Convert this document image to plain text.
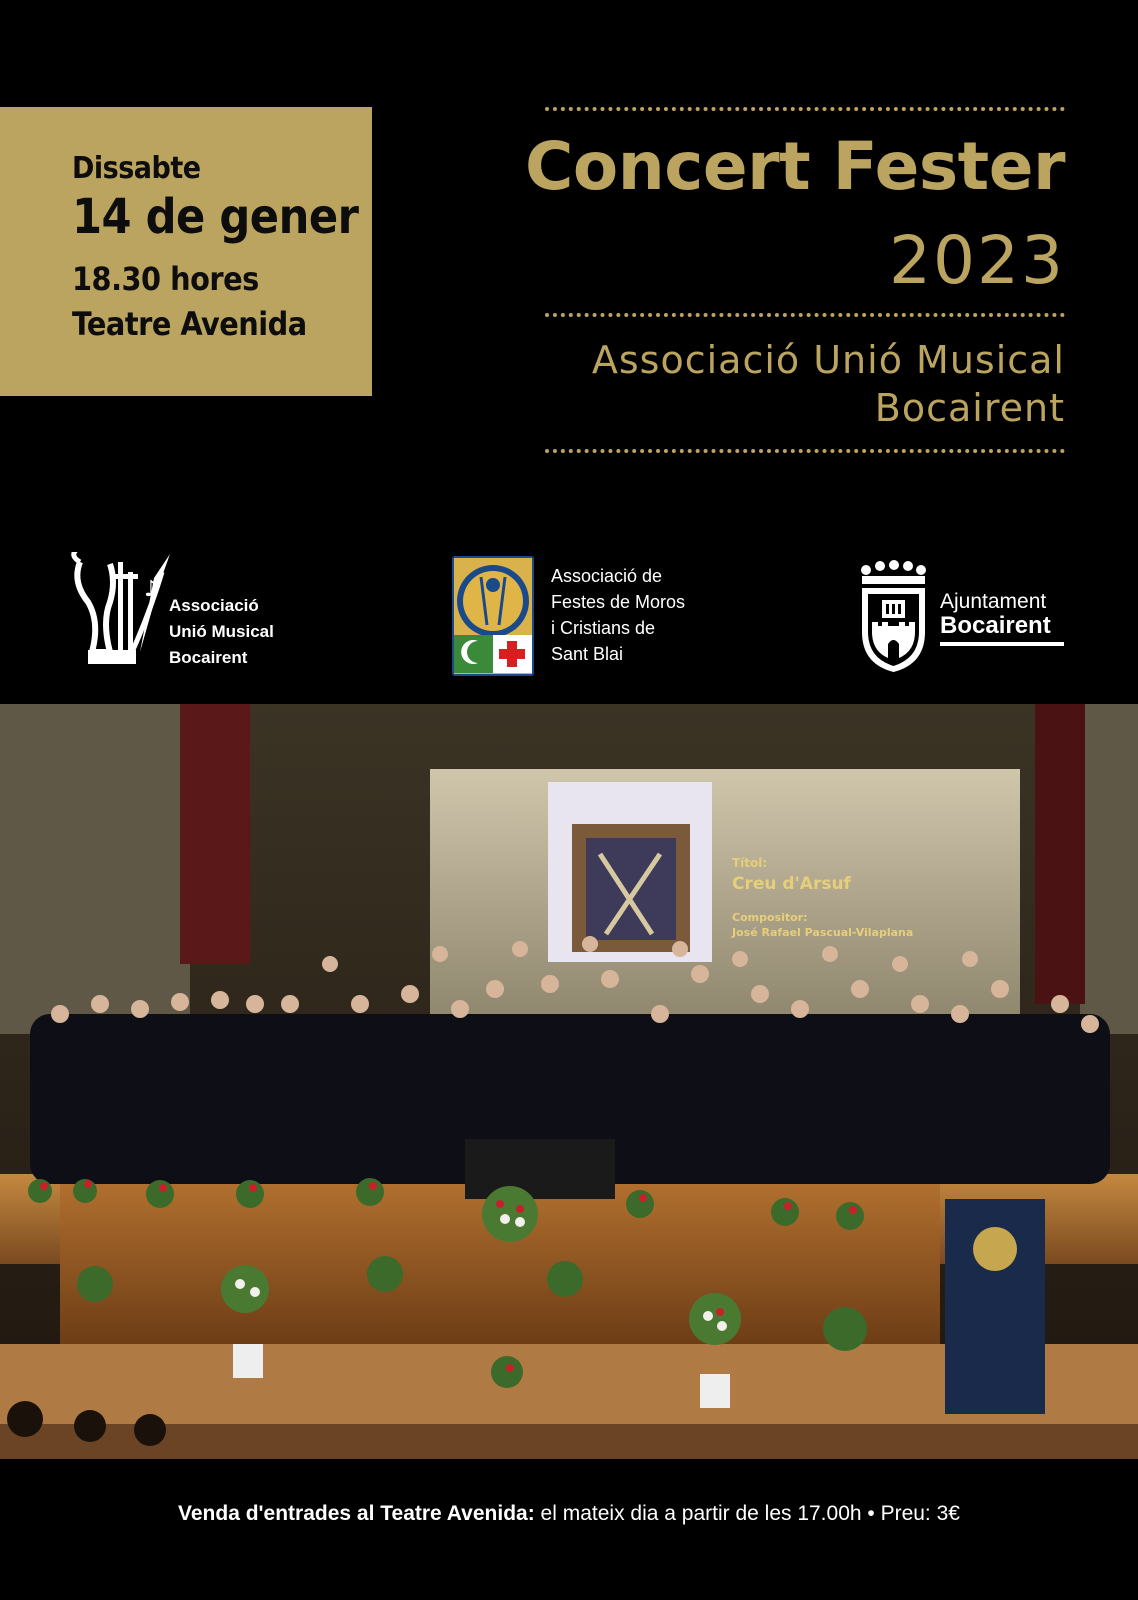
Dissabte
14 de gener
18.30 hores
Teatre Avenida
Concert Fester
2023
Associació Unió Musical
Bocairent
♪
Associació
Unió Musical
Bocairent
Associació de
Festes de Moros
i Cristians de
Sant Blai
Ajuntament
Bocairent
Títol:
Creu d'Arsuf
Compositor:
José Rafael Pascual-Vilaplana
Venda d'entrades al Teatre Avenida: el mateix dia a partir de les 17.00h • Preu: 3€
